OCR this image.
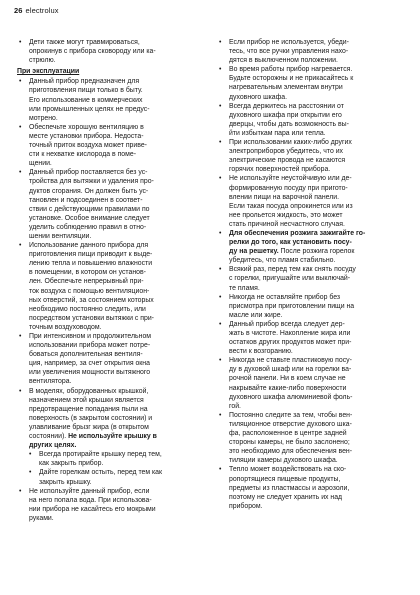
26 electrolux

• Дети также могут травмироваться,
опрокинув с прибора сковороду или ка-
стрюлю.

При эксплуатации

• Данный прибор предназначен для
приготовления пищи только в быту.
Его использование в коммерческих
или промышленных целях не предус-
мотрено.

• Обеспечьте хорошую вентиляцию в
месте установки прибора. Недоста-
точный приток воздуха может приве-
сти к нехватке кислорода в поме-
щении.

• Данный прибор поставляется без ус-
тройства для вытяжки и удаления про-
дуктов сгорания. Он должен быть ус-
тановлен и подсоединен в соответ-
ствии с действующими правилами по
установке. Особое внимание следует
уделить соблюдению правил в отно-
шении вентиляции.

• Использование данного прибора для
приготовления пищи приводит к выде-
лению тепла и повышению влажности
в помещении, в котором он установ-
лен. Обеспечьте непрерывный при-
ток воздуха с помощью вентиляцион-
ных отверстий, за состоянием которых
необходимо постоянно следить, или
посредством установки вытяжки с при-
точным воздуховодом.

• При интенсивном и продолжительном
использовании прибора может потре-
боваться дополнительная вентиля-
ция, например, за счет открытия окна
или увеличения мощности вытяжного
вентилятора.

• В моделях, оборудованных крышкой,
назначением этой крышки является
предотвращение попадания пыли на
поверхность (в закрытом состоянии) и
улавливание брызг жира (в открытом
состоянии). Не используйте крышку в
других целях.

• Всегда протирайте крышку перед тем,
как закрыть прибор.

• Дайте горелкам остыть, перед тем как
закрыть крышку.

• Не используйте данный прибор, если
на него попала вода. При использова-
нии прибора не касайтесь его мокрыми
руками.

• Если прибор не используется, убеди-
тесь, что все ручки управления нахо-
дятся в выключенном положении.

• Во время работы прибор нагревается.
Будьте осторожны и не прикасайтесь к
нагревательным элементам внутри
духовного шкафа.

• Всегда держитесь на расстоянии от
духовного шкафа при открытии его
дверцы, чтобы дать возможность вы-
йти избыткам пара или тепла.

• При использовании каких-либо других
электроприборов убедитесь, что их
электрические провода не касаются
горячих поверхностей прибора.

• Не используйте неустойчивую или де-
формированную посуду при пригото-
влении пищи на варочной панели.
Если такая посуда опрокинется или из
нее прольется жидкость, это может
стать причиной несчастного случая.

• Для обеспечения розжига зажигайте го-
релки до того, как установить посу-
ду на решетку. После розжига горелок
убедитесь, что пламя стабильно.

• Всякий раз, перед тем как снять посуду
с горелки, пригушайте или выключай-
те пламя.

• Никогда не оставляйте прибор без
присмотра при приготовлении пищи на
масле или жире.

• Данный прибор всегда следует дер-
жать в чистоте. Накопление жира или
остатков других продуктов может при-
вести к возгоранию.

• Никогда не ставьте пластиковую посу-
ду в духовой шкаф или на горелки ва-
рочной панели. Ни в коем случае не
накрывайте какие-либо поверхности
духовного шкафа алюминиевой фоль-
гой.

• Постоянно следите за тем, чтобы вен-
тиляционное отверстие духового шка-
фа, расположенное в центре задней
стороны камеры, не было заслонено;
это необходимо для обеспечения вен-
тиляции камеры духового шкафа.

• Тепло может воздействовать на ско-
ропортящиеся пищевые продукты,
предметы из пластмассы и аэрозоли,
поэтому не следует хранить их над
прибором.
